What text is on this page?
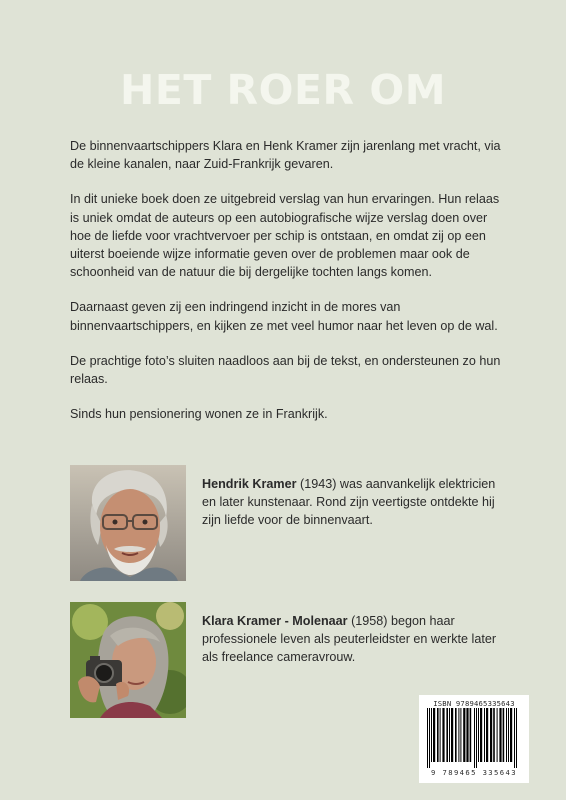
HET ROER OM

De binnenvaartschippers Klara en Henk Kramer zijn jarenlang met vracht, via de kleine kanalen, naar Zuid-Frankrijk gevaren.

In dit unieke boek doen ze uitgebreid verslag van hun ervaringen. Hun relaas is uniek omdat de auteurs op een autobiografische wijze verslag doen over hoe de liefde voor vrachtvervoer per schip is ontstaan, en omdat zij op een uiterst boeiende wijze informatie geven over de problemen maar ook de schoonheid van de natuur die bij dergelijke tochten langs komen.

Daarnaast geven zij een indringend inzicht in de mores van binnenvaartschippers, en kijken ze met veel humor naar het leven op de wal.

De prachtige foto’s sluiten naadloos aan bij de tekst, en ondersteunen zo hun relaas.

Sinds hun pensionering wonen ze in Frankrijk.

Hendrik Kramer (1943) was aanvankelijk elektricien en later kunstenaar. Rond zijn veertigste ontdekte hij zijn liefde voor de binnenvaart.
Klara Kramer - Molenaar (1958) begon haar professionele leven als peuterleidster en werkte later als freelance cameravrouw.
ISBN 9789465335643
9 789465 335643
